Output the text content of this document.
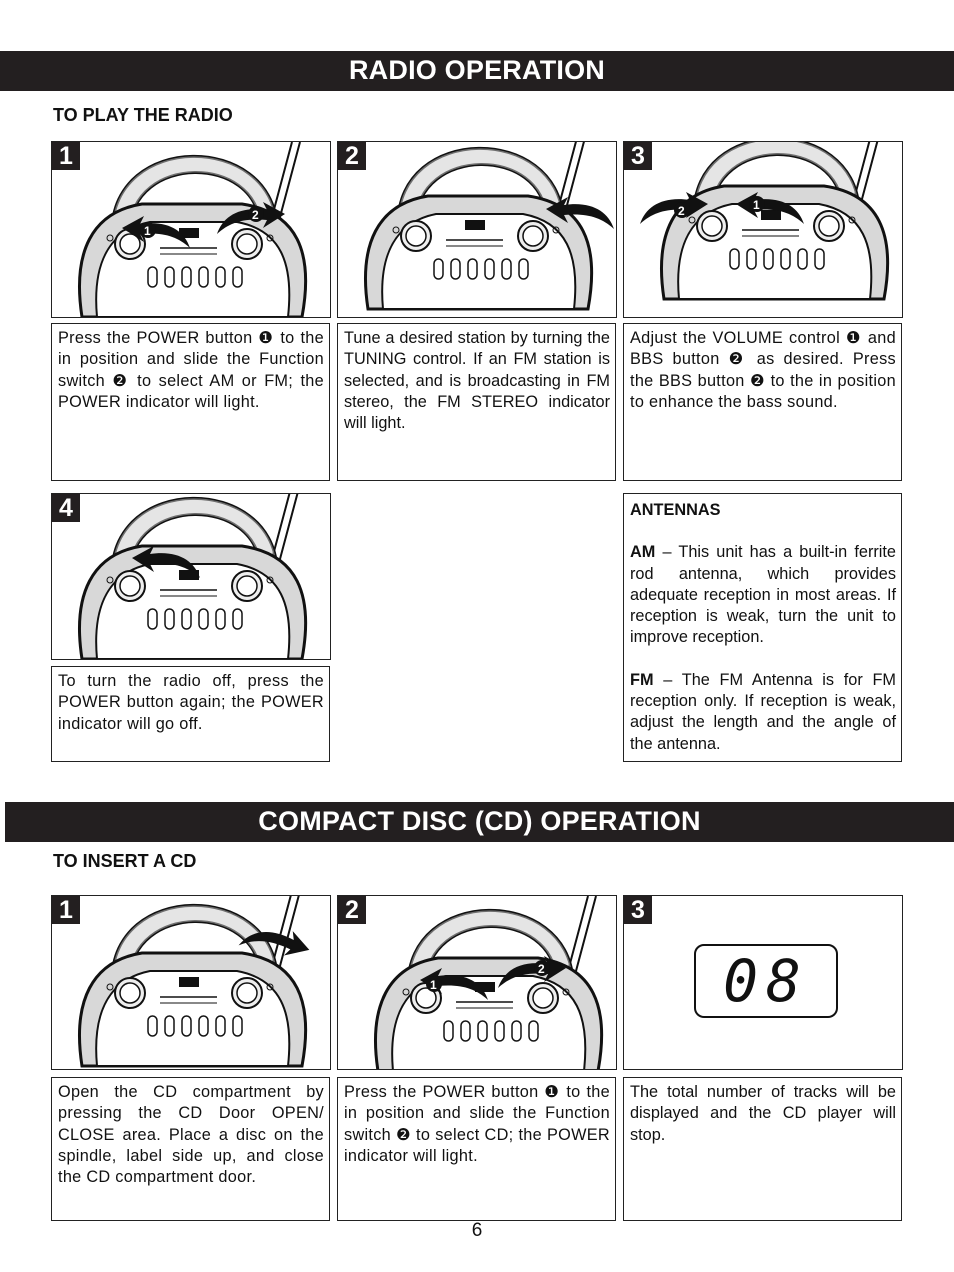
RADIO OPERATION
TO PLAY THE RADIO
1
1
2
2	3
2	1

Press the POWER button ❶ to the in position and slide the Function switch ❷ to select AM or FM; the POWER indicator will light.

Tune a desired station by turning the TUNING control. If an FM station is selected, and is broadcasting in FM stereo, the FM STEREO indicator will light.

Adjust the VOLUME control ❶ and BBS button ❷ as desired. Press the BBS button ❷ to the in position to enhance the bass sound.

4

To turn the radio off, press the POWER button again; the POWER indicator will go off.

ANTENNAS

AM – This unit has a built-in ferrite rod antenna, which provides adequate reception in most areas. If reception is weak, turn the unit to improve reception.

FM – The FM Antenna is for FM reception only. If reception is weak, adjust the length and the angle of the antenna.

COMPACT DISC (CD) OPERATION
TO INSERT A CD
1	2
1
2
3
08

Open the CD compartment by pressing the CD Door OPEN/ CLOSE area. Place a disc on the spindle, label side up, and close the CD compartment door.

Press the POWER button ❶ to the in position and slide the Function switch ❷ to select CD; the POWER indicator will light.

The total number of tracks will be displayed and the CD player will stop.

6
